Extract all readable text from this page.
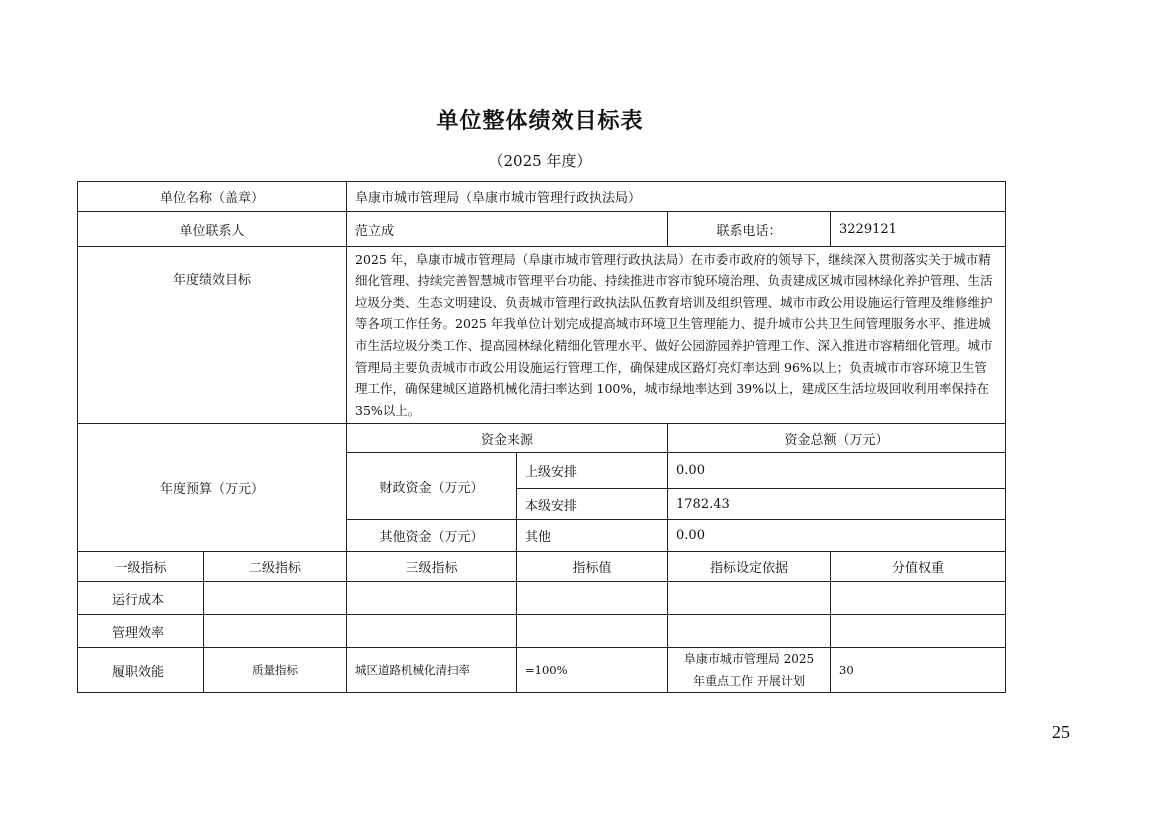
单位整体绩效目标表
（2025 年度）
单位名称（盖章）		阜康市城市管理局（阜康市城市管理行政执法局）			
单位联系人		范立成		联系电话：	3229121
年度绩效目标		2025 年，阜康市城市管理局（阜康市城市管理行政执法局）在市委市政府的领导下，继续深入贯彻落实关于城市精细化管理、持续完善智慧城市管理平台功能、持续推进市容市貌环境治理、负责建成区城市园林绿化养护管理、生活垃圾分类、生态文明建设、负责城市管理行政执法队伍教育培训及组织管理、城市市政公用设施运行管理及维修维护等各项工作任务。2025 年我单位计划完成提高城市环境卫生管理能力、提升城市公共卫生间管理服务水平、推进城市生活垃圾分类工作、提高园林绿化精细化管理水平、做好公园游园养护管理工作、深入推进市容精细化管理。城市管理局主要负责城市市政公用设施运行管理工作，确保建成区路灯亮灯率达到 96%以上；负责城市市容环境卫生管理工作，确保建城区道路机械化清扫率达到 100%，城市绿地率达到 39%以上，建成区生活垃圾回收利用率保持在 35%以上。			
年度预算（万元）		资金来源		资金总额（万元）	
		财政资金（万元）	上级安排	0.00	
			本级安排	1782.43	
		其他资金（万元）	其他	0.00	
一级指标	二级指标	三级指标	指标值	指标设定依据	分值权重
运行成本					
管理效率					
履职效能	质量指标	城区道路机械化清扫率	=100%	阜康市城市管理局 2025 年重点工作 开展计划	30
25
